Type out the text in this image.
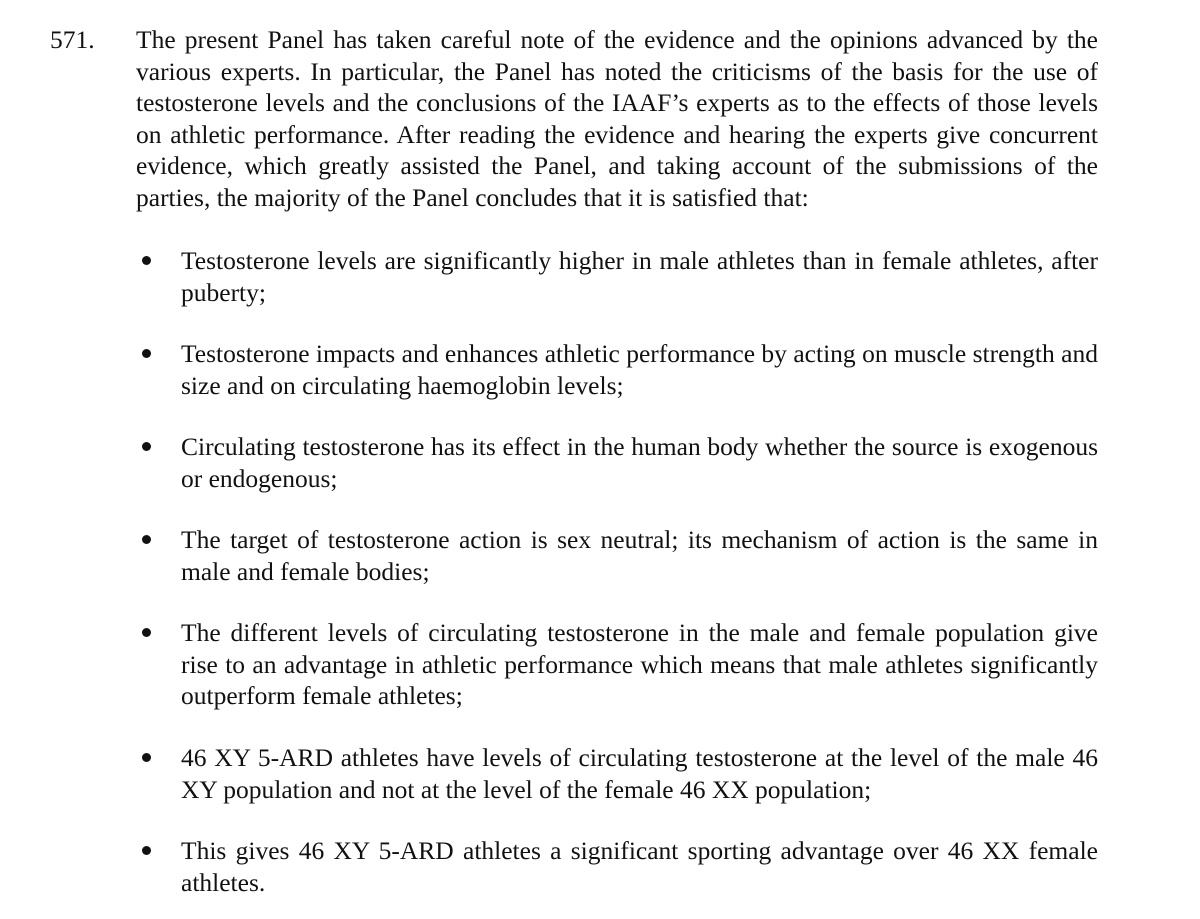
571. The present Panel has taken careful note of the evidence and the opinions advanced by the various experts. In particular, the Panel has noted the criticisms of the basis for the use of testosterone levels and the conclusions of the IAAF’s experts as to the effects of those levels on athletic performance. After reading the evidence and hearing the experts give concurrent evidence, which greatly assisted the Panel, and taking account of the submissions of the parties, the majority of the Panel concludes that it is satisfied that:

Testosterone levels are significantly higher in male athletes than in female athletes, after puberty;

Testosterone impacts and enhances athletic performance by acting on muscle strength and size and on circulating haemoglobin levels;

Circulating testosterone has its effect in the human body whether the source is exogenous or endogenous;

The target of testosterone action is sex neutral; its mechanism of action is the same in male and female bodies;

The different levels of circulating testosterone in the male and female population give rise to an advantage in athletic performance which means that male athletes significantly outperform female athletes;

46 XY 5-ARD athletes have levels of circulating testosterone at the level of the male 46 XY population and not at the level of the female 46 XX population;

This gives 46 XY 5-ARD athletes a significant sporting advantage over 46 XX female athletes.
